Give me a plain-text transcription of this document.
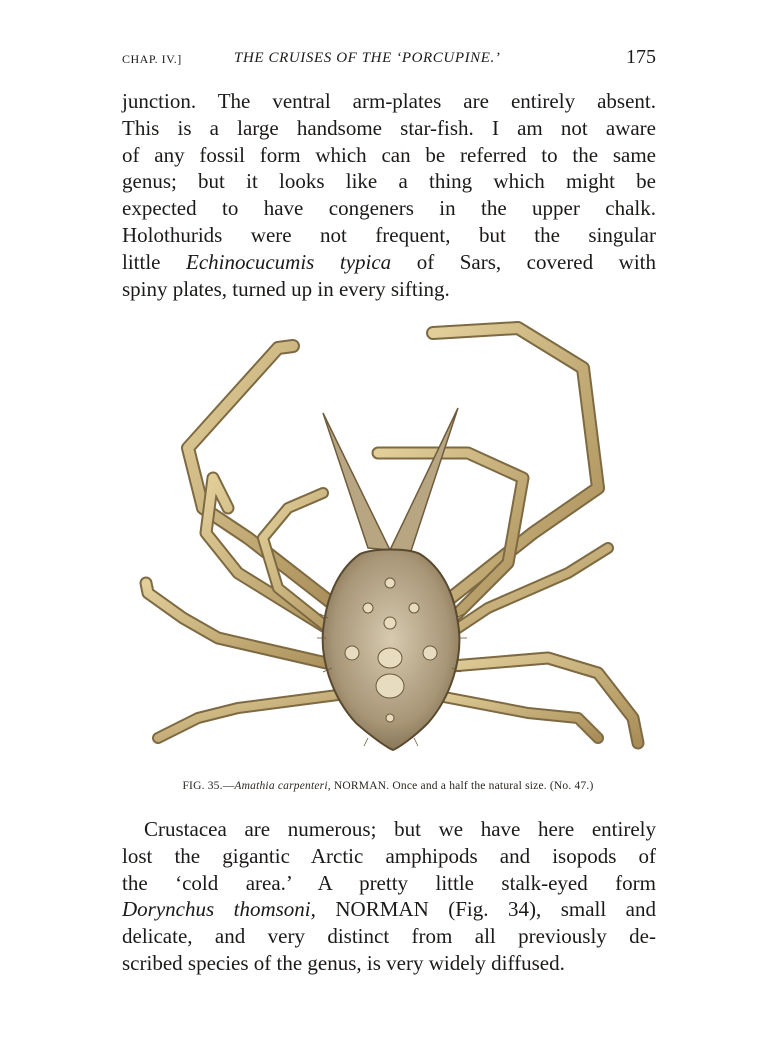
CHAP. IV.]	THE CRUISES OF THE ‘PORCUPINE.’	175
junction. The ventral arm-plates are entirely absent.
This is a large handsome star-fish. I am not aware
of any fossil form which can be referred to the same
genus; but it looks like a thing which might be
expected to have congeners in the upper chalk.
Holothurids were not frequent, but the singular
little Echinocucumis typica of Sars, covered with
spiny plates, turned up in every sifting.
FIG. 35.—Amathia carpenteri, NORMAN. Once and a half the natural size. (No. 47.)
Crustacea are numerous; but we have here entirely
lost the gigantic Arctic amphipods and isopods of
the ‘cold area.’ A pretty little stalk-eyed form
Dorynchus thomsoni, NORMAN (Fig. 34), small and
delicate, and very distinct from all previously de-
scribed species of the genus, is very widely diffused.
